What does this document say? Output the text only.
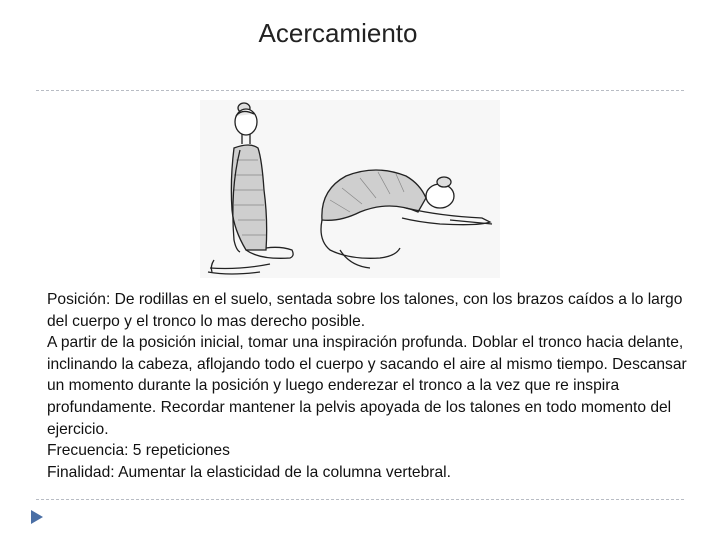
Acercamiento

Posición: De rodillas en el suelo, sentada sobre los talones, con los brazos caídos a lo largo del cuerpo y el tronco lo mas derecho posible.

A partir de la posición inicial, tomar una inspiración profunda. Doblar el tronco hacia delante, inclinando la cabeza, aflojando todo el cuerpo y sacando el aire al mismo tiempo. Descansar un momento durante la posición y luego enderezar el tronco a la vez que re inspira profundamente. Recordar mantener la pelvis apoyada de los talones en todo momento del ejercicio.

Frecuencia: 5 repeticiones

Finalidad: Aumentar la elasticidad de la columna vertebral.
